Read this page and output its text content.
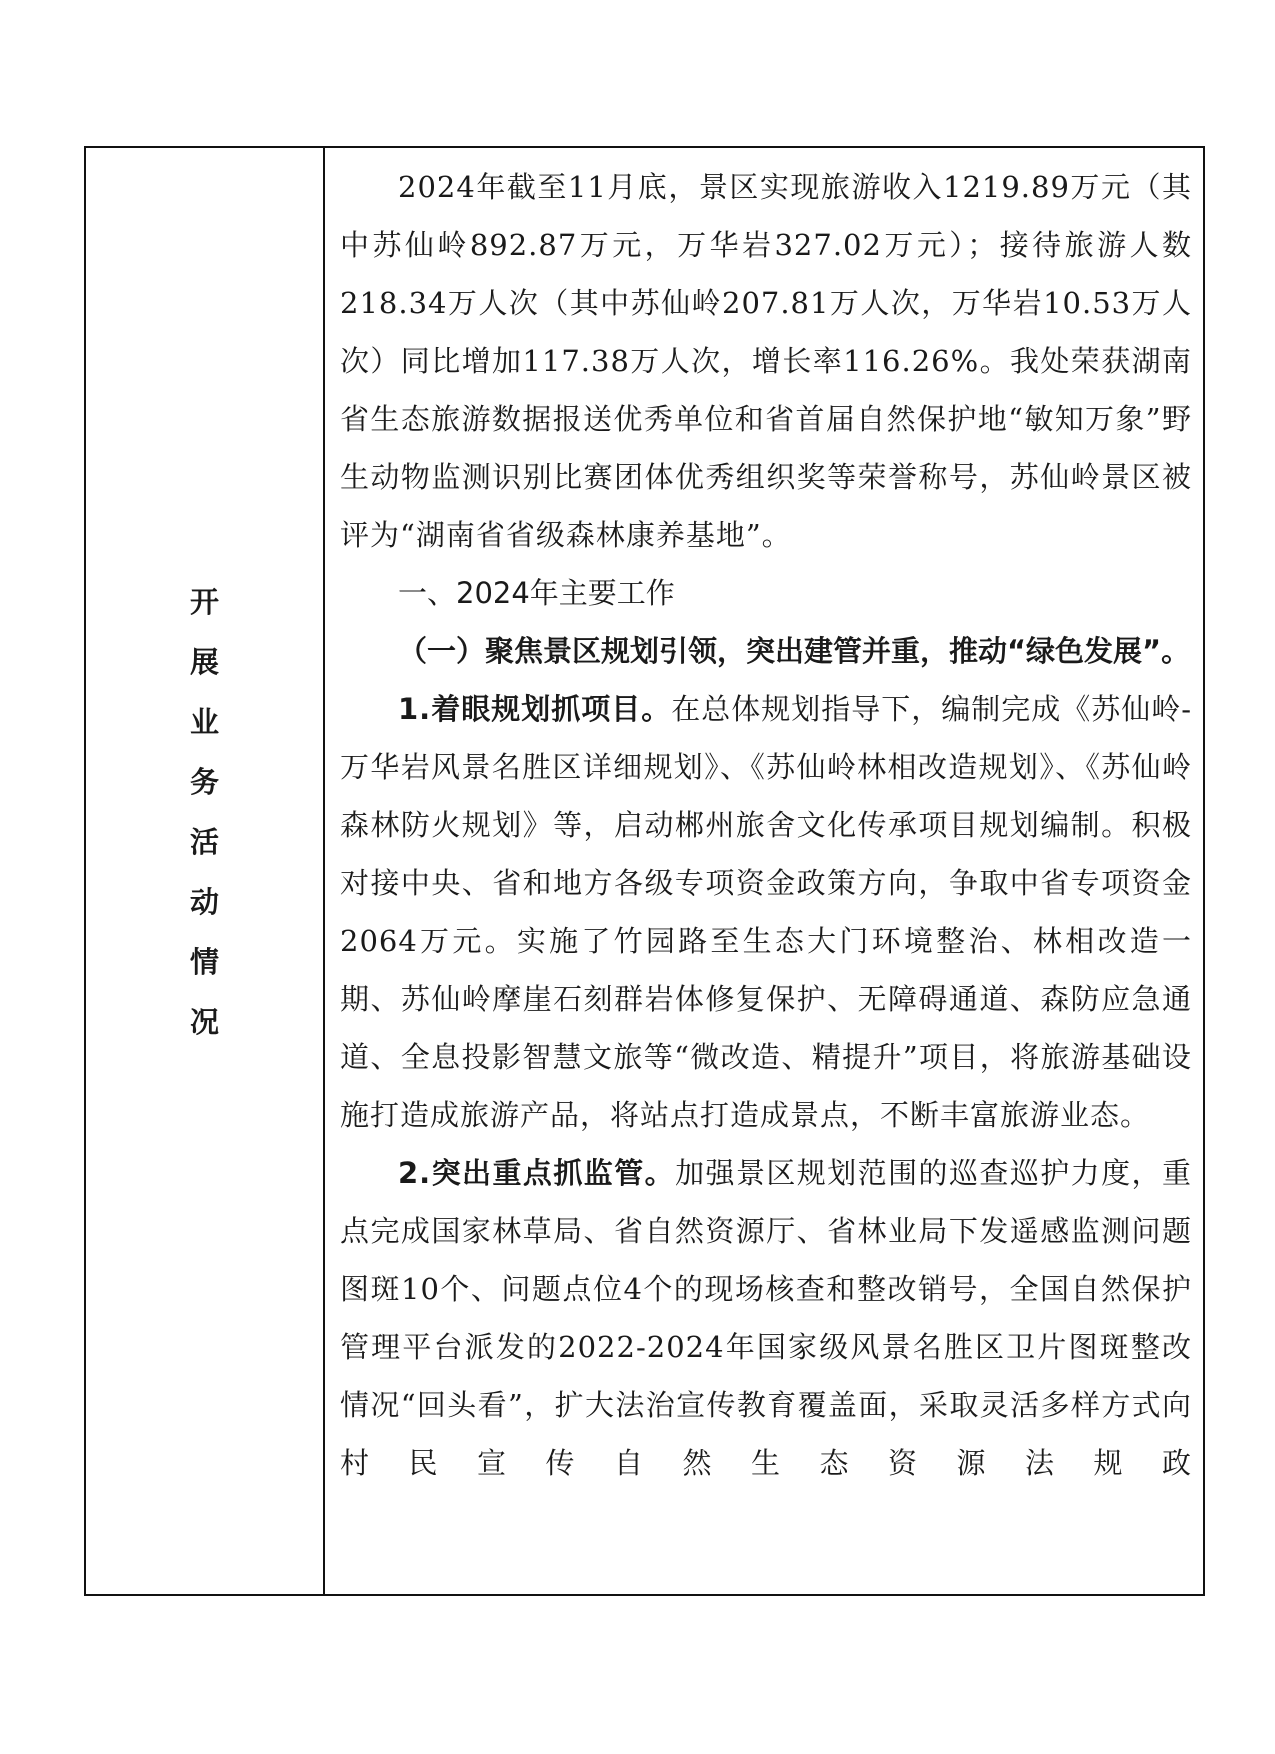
开
展
业
务
活
动
情
况

2024年截至11月底，景区实现旅游收入1219.89万元（其中苏仙岭892.87万元，万华岩327.02万元）；接待旅游人数218.34万人次（其中苏仙岭207.81万人次，万华岩10.53万人次）同比增加117.38万人次，增长率116.26%。我处荣获湖南省生态旅游数据报送优秀单位和省首届自然保护地“敏知万象”野生动物监测识别比赛团体优秀组织奖等荣誉称号，苏仙岭景区被评为“湖南省省级森林康养基地”。

一、2024年主要工作

（一）聚焦景区规划引领，突出建管并重，推动“绿色发展”。

1.着眼规划抓项目。在总体规划指导下，编制完成《苏仙岭-万华岩风景名胜区详细规划》、《苏仙岭林相改造规划》、《苏仙岭森林防火规划》等，启动郴州旅舍文化传承项目规划编制。积极对接中央、省和地方各级专项资金政策方向，争取中省专项资金2064万元。实施了竹园路至生态大门环境整治、林相改造一期、苏仙岭摩崖石刻群岩体修复保护、无障碍通道、森防应急通道、全息投影智慧文旅等“微改造、精提升”项目，将旅游基础设施打造成旅游产品，将站点打造成景点，不断丰富旅游业态。

2.突出重点抓监管。加强景区规划范围的巡查巡护力度，重点完成国家林草局、省自然资源厅、省林业局下发遥感监测问题图斑10个、问题点位4个的现场核查和整改销号，全国自然保护管理平台派发的2022-2024年国家级风景名胜区卫片图斑整改情况“回头看”，扩大法治宣传教育覆盖面，采取灵活多样方式向村民宣传自然生态资源法规政
